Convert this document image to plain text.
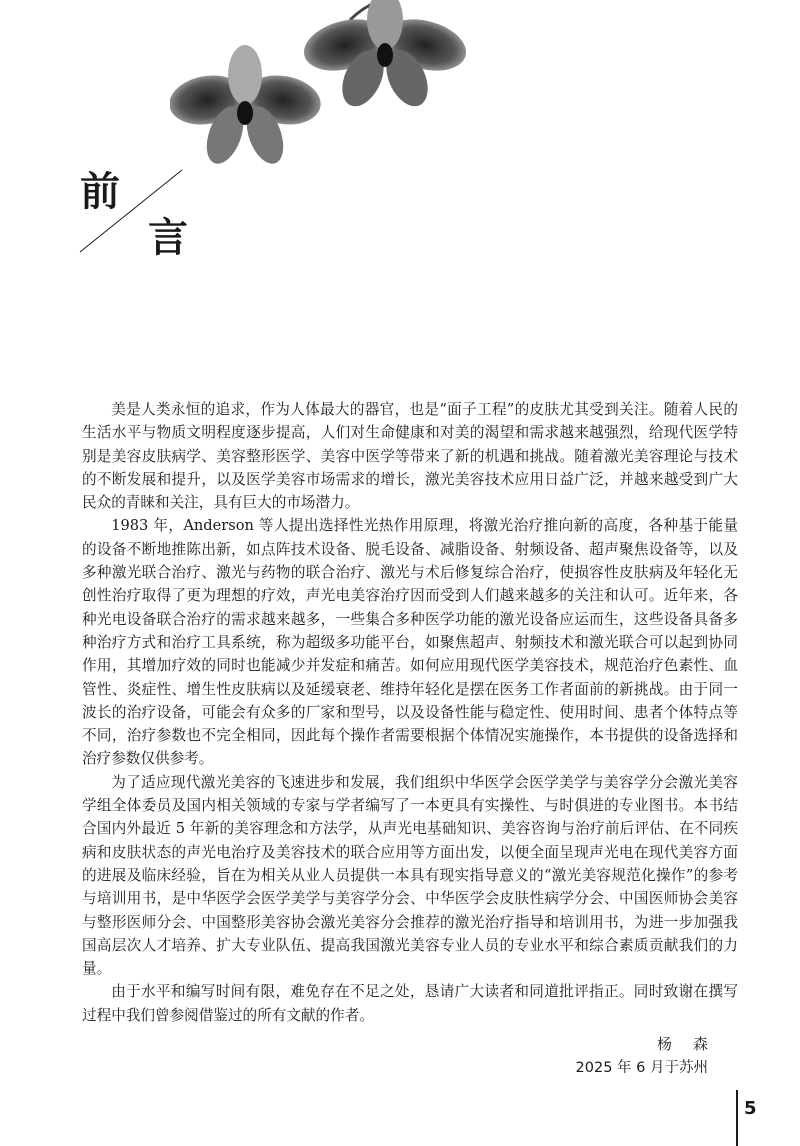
前
言

美是人类永恒的追求，作为人体最大的器官，也是“面子工程”的皮肤尤其受到关注。随着人民的生活水平与物质文明程度逐步提高，人们对生命健康和对美的渴望和需求越来越强烈，给现代医学特别是美容皮肤病学、美容整形医学、美容中医学等带来了新的机遇和挑战。随着激光美容理论与技术的不断发展和提升，以及医学美容市场需求的增长，激光美容技术应用日益广泛，并越来越受到广大民众的青睐和关注，具有巨大的市场潜力。

1983 年，Anderson 等人提出选择性光热作用原理，将激光治疗推向新的高度，各种基于能量的设备不断地推陈出新，如点阵技术设备、脱毛设备、减脂设备、射频设备、超声聚焦设备等，以及多种激光联合治疗、激光与药物的联合治疗、激光与术后修复综合治疗，使损容性皮肤病及年轻化无创性治疗取得了更为理想的疗效，声光电美容治疗因而受到人们越来越多的关注和认可。近年来，各种光电设备联合治疗的需求越来越多，一些集合多种医学功能的激光设备应运而生，这些设备具备多种治疗方式和治疗工具系统，称为超级多功能平台，如聚焦超声、射频技术和激光联合可以起到协同作用，其增加疗效的同时也能减少并发症和痛苦。如何应用现代医学美容技术，规范治疗色素性、血管性、炎症性、增生性皮肤病以及延缓衰老、维持年轻化是摆在医务工作者面前的新挑战。由于同一波长的治疗设备，可能会有众多的厂家和型号，以及设备性能与稳定性、使用时间、患者个体特点等不同，治疗参数也不完全相同，因此每个操作者需要根据个体情况实施操作，本书提供的设备选择和治疗参数仅供参考。

为了适应现代激光美容的飞速进步和发展，我们组织中华医学会医学美学与美容学分会激光美容学组全体委员及国内相关领域的专家与学者编写了一本更具有实操性、与时俱进的专业图书。本书结合国内外最近 5 年新的美容理念和方法学，从声光电基础知识、美容咨询与治疗前后评估、在不同疾病和皮肤状态的声光电治疗及美容技术的联合应用等方面出发，以便全面呈现声光电在现代美容方面的进展及临床经验，旨在为相关从业人员提供一本具有现实指导意义的“激光美容规范化操作”的参考与培训用书，是中华医学会医学美学与美容学分会、中华医学会皮肤性病学分会、中国医师协会美容与整形医师分会、中国整形美容协会激光美容分会推荐的激光治疗指导和培训用书，为进一步加强我国高层次人才培养、扩大专业队伍、提高我国激光美容专业人员的专业水平和综合素质贡献我们的力量。

由于水平和编写时间有限，难免存在不足之处，恳请广大读者和同道批评指正。同时致谢在撰写过程中我们曾参阅借鉴过的所有文献的作者。

杨森
2025 年 6 月于苏州
5
